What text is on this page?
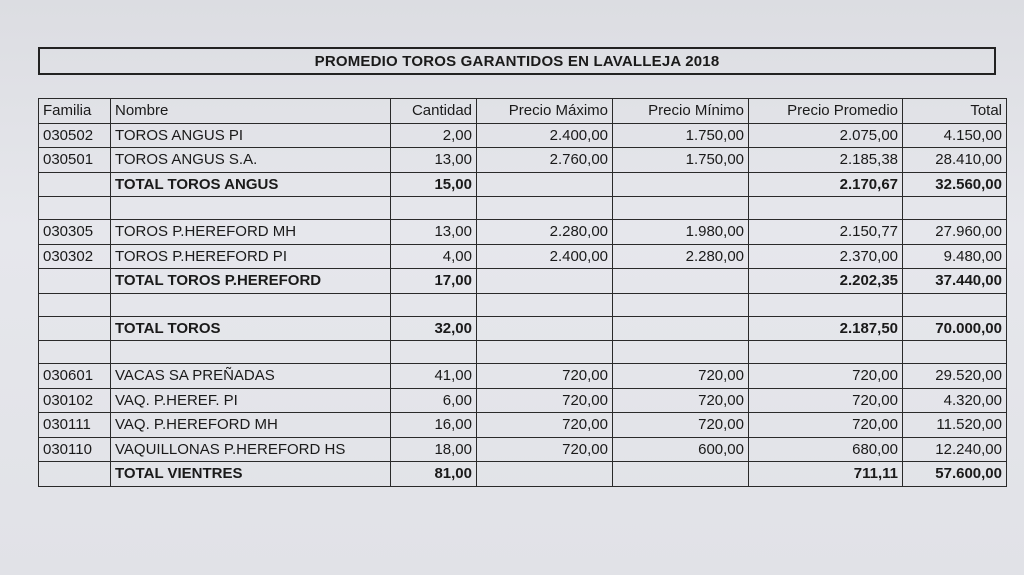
PROMEDIO TOROS GARANTIDOS EN LAVALLEJA 2018
Familia	Nombre	Cantidad	Precio Máximo	Precio Mínimo	Precio Promedio	Total
030502	TOROS ANGUS PI	2,00	2.400,00	1.750,00	2.075,00	4.150,00
030501	TOROS ANGUS S.A.	13,00	2.760,00	1.750,00	2.185,38	28.410,00
	TOTAL TOROS ANGUS	15,00			2.170,67	32.560,00

030305	TOROS P.HEREFORD MH	13,00	2.280,00	1.980,00	2.150,77	27.960,00
030302	TOROS P.HEREFORD PI	4,00	2.400,00	2.280,00	2.370,00	9.480,00
	TOTAL TOROS P.HEREFORD	17,00			2.202,35	37.440,00

	TOTAL TOROS	32,00			2.187,50	70.000,00

030601	VACAS SA PREÑADAS	41,00	720,00	720,00	720,00	29.520,00
030102	VAQ. P.HEREF. PI	6,00	720,00	720,00	720,00	4.320,00
030111	VAQ. P.HEREFORD MH	16,00	720,00	720,00	720,00	11.520,00
030110	VAQUILLONAS P.HEREFORD HS	18,00	720,00	600,00	680,00	12.240,00
	TOTAL VIENTRES	81,00			711,11	57.600,00
